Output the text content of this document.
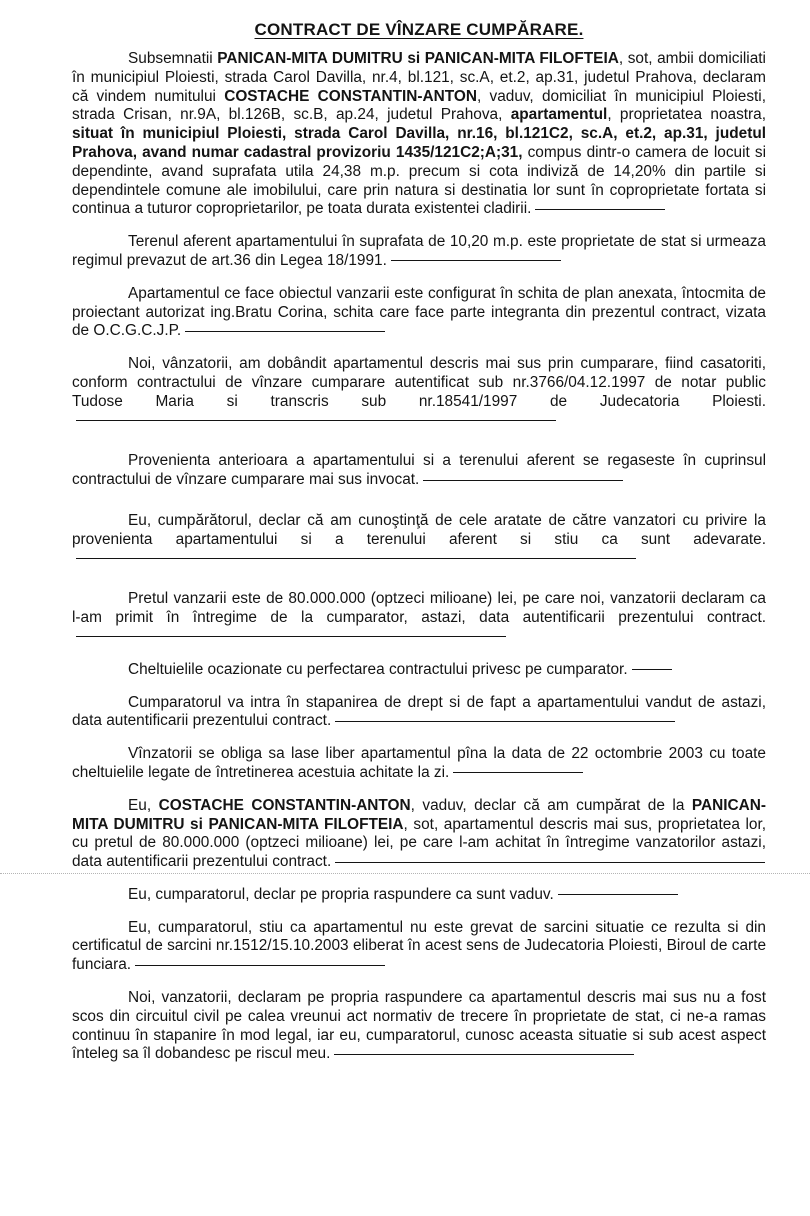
CONTRACT DE VÎNZARE CUMPĂRARE.

Subsemnatii PANICAN-MITA DUMITRU si PANICAN-MITA FILOFTEIA, sot, ambii domiciliati în municipiul Ploiesti, strada Carol Davilla, nr.4, bl.121, sc.A, et.2, ap.31, judetul Prahova, declaram că vindem numitului COSTACHE CONSTANTIN-ANTON, vaduv, domiciliat în municipiul Ploiesti, strada Crisan, nr.9A, bl.126B, sc.B, ap.24, judetul Prahova, apartamentul, proprietatea noastra, situat în municipiul Ploiesti, strada Carol Davilla, nr.16, bl.121C2, sc.A, et.2, ap.31, judetul Prahova, avand numar cadastral provizoriu 1435/121C2;A;31, compus dintr-o camera de locuit si dependinte, avand suprafata utila 24,38 m.p. precum si cota indiviză de 14,20% din partile si dependintele comune ale imobilului, care prin natura si destinatia lor sunt în coproprietate fortata si continua a tuturor coproprietarilor, pe toata durata existentei cladirii.

Terenul aferent apartamentului în suprafata de 10,20 m.p. este proprietate de stat si urmeaza regimul prevazut de art.36 din Legea 18/1991.

Apartamentul ce face obiectul vanzarii este configurat în schita de plan anexata, întocmita de proiectant autorizat ing.Bratu Corina, schita care face parte integranta din prezentul contract, vizata de O.C.G.C.J.P.

Noi, vânzatorii, am dobândit apartamentul descris mai sus prin cumparare, fiind casatoriti, conform contractului de vînzare cumparare autentificat sub nr.3766/04.12.1997 de notar public Tudose Maria si transcris sub nr.18541/1997 de Judecatoria Ploiesti.

Provenienta anterioara a apartamentului si a terenului aferent se regaseste în cuprinsul contractului de vînzare cumparare mai sus invocat.

Eu, cumpărătorul, declar că am cunoştinţă de cele aratate de către vanzatori cu privire la provenienta apartamentului si a terenului aferent si stiu ca sunt adevarate.

Pretul vanzarii este de 80.000.000 (optzeci milioane) lei, pe care noi, vanzatorii declaram ca l-am primit în întregime de la cumparator, astazi, data autentificarii prezentului contract.

Cheltuielile ocazionate cu perfectarea contractului privesc pe cumparator.

Cumparatorul va intra în stapanirea de drept si de fapt a apartamentului vandut de astazi, data autentificarii prezentului contract.

Vînzatorii se obliga sa lase liber apartamentul pîna la data de 22 octombrie 2003 cu toate cheltuielile legate de întretinerea acestuia achitate la zi.

Eu, COSTACHE CONSTANTIN-ANTON, vaduv, declar că am cumpărat de la PANICAN-MITA DUMITRU si PANICAN-MITA FILOFTEIA, sot, apartamentul descris mai sus, proprietatea lor, cu pretul de 80.000.000 (optzeci milioane) lei, pe care l-am achitat în întregime vanzatorilor astazi, data autentificarii prezentului contract.

Eu, cumparatorul, declar pe propria raspundere ca sunt vaduv.

Eu, cumparatorul, stiu ca apartamentul nu este grevat de sarcini situatie ce rezulta si din certificatul de sarcini nr.1512/15.10.2003 eliberat în acest sens de Judecatoria Ploiesti, Biroul de carte funciara.

Noi, vanzatorii, declaram pe propria raspundere ca apartamentul descris mai sus nu a fost scos din circuitul civil pe calea vreunui act normativ de trecere în proprietate de stat, ci ne-a ramas continuu în stapanire în mod legal, iar eu, cumparatorul, cunosc aceasta situatie si sub acest aspect înteleg sa îl dobandesc pe riscul meu.
